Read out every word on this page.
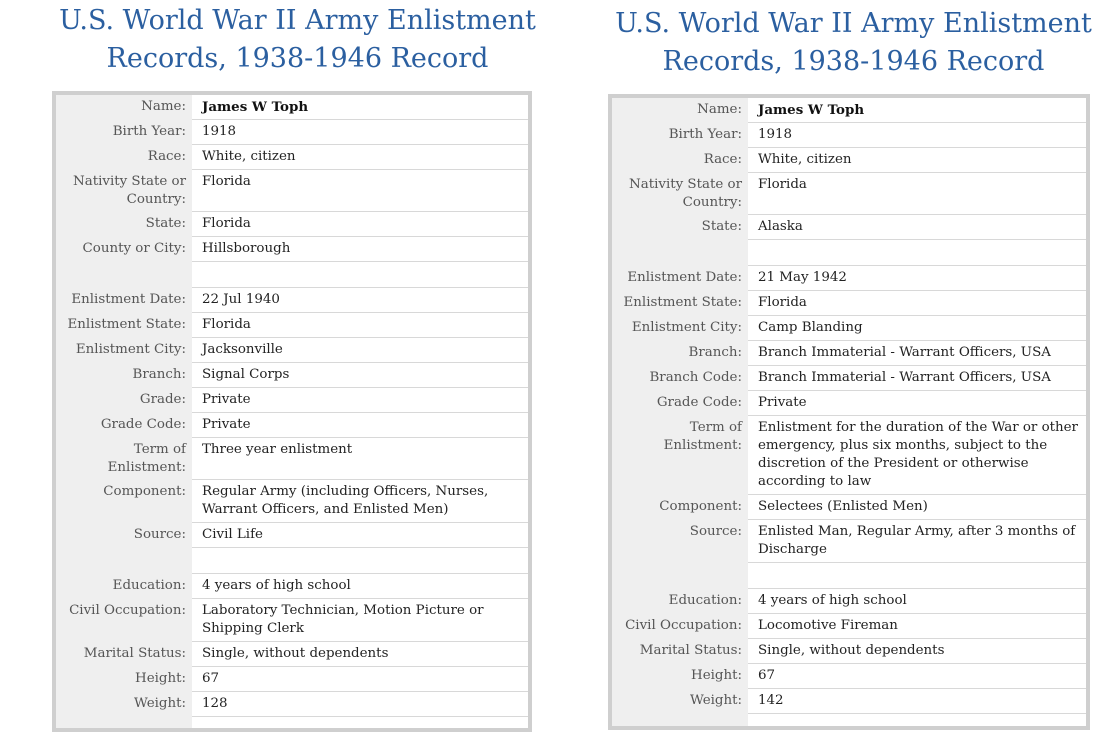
U.S. World War II Army Enlistment
Records, 1938-1946 Record
Name:	James W Toph
Birth Year:	1918
Race:	White, citizen
Nativity State or Country:	Florida
State:	Florida
County or City:	Hillsborough

Enlistment Date:	22 Jul 1940
Enlistment State:	Florida
Enlistment City:	Jacksonville
Branch:	Signal Corps
Grade:	Private
Grade Code:	Private
Term of Enlistment:	Three year enlistment
Component:	Regular Army (including Officers, Nurses, Warrant Officers, and Enlisted Men)
Source:	Civil Life

Education:	4 years of high school
Civil Occupation:	Laboratory Technician, Motion Picture or Shipping Clerk
Marital Status:	Single, without dependents
Height:	67
Weight:	128

U.S. World War II Army Enlistment
Records, 1938-1946 Record
Name:	James W Toph
Birth Year:	1918
Race:	White, citizen
Nativity State or Country:	Florida
State:	Alaska

Enlistment Date:	21 May 1942
Enlistment State:	Florida
Enlistment City:	Camp Blanding
Branch:	Branch Immaterial - Warrant Officers, USA
Branch Code:	Branch Immaterial - Warrant Officers, USA
Grade Code:	Private
Term of Enlistment:	Enlistment for the duration of the War or other emergency, plus six months, subject to the discretion of the President or otherwise according to law
Component:	Selectees (Enlisted Men)
Source:	Enlisted Man, Regular Army, after 3 months of Discharge

Education:	4 years of high school
Civil Occupation:	Locomotive Fireman
Marital Status:	Single, without dependents
Height:	67
Weight:	142
